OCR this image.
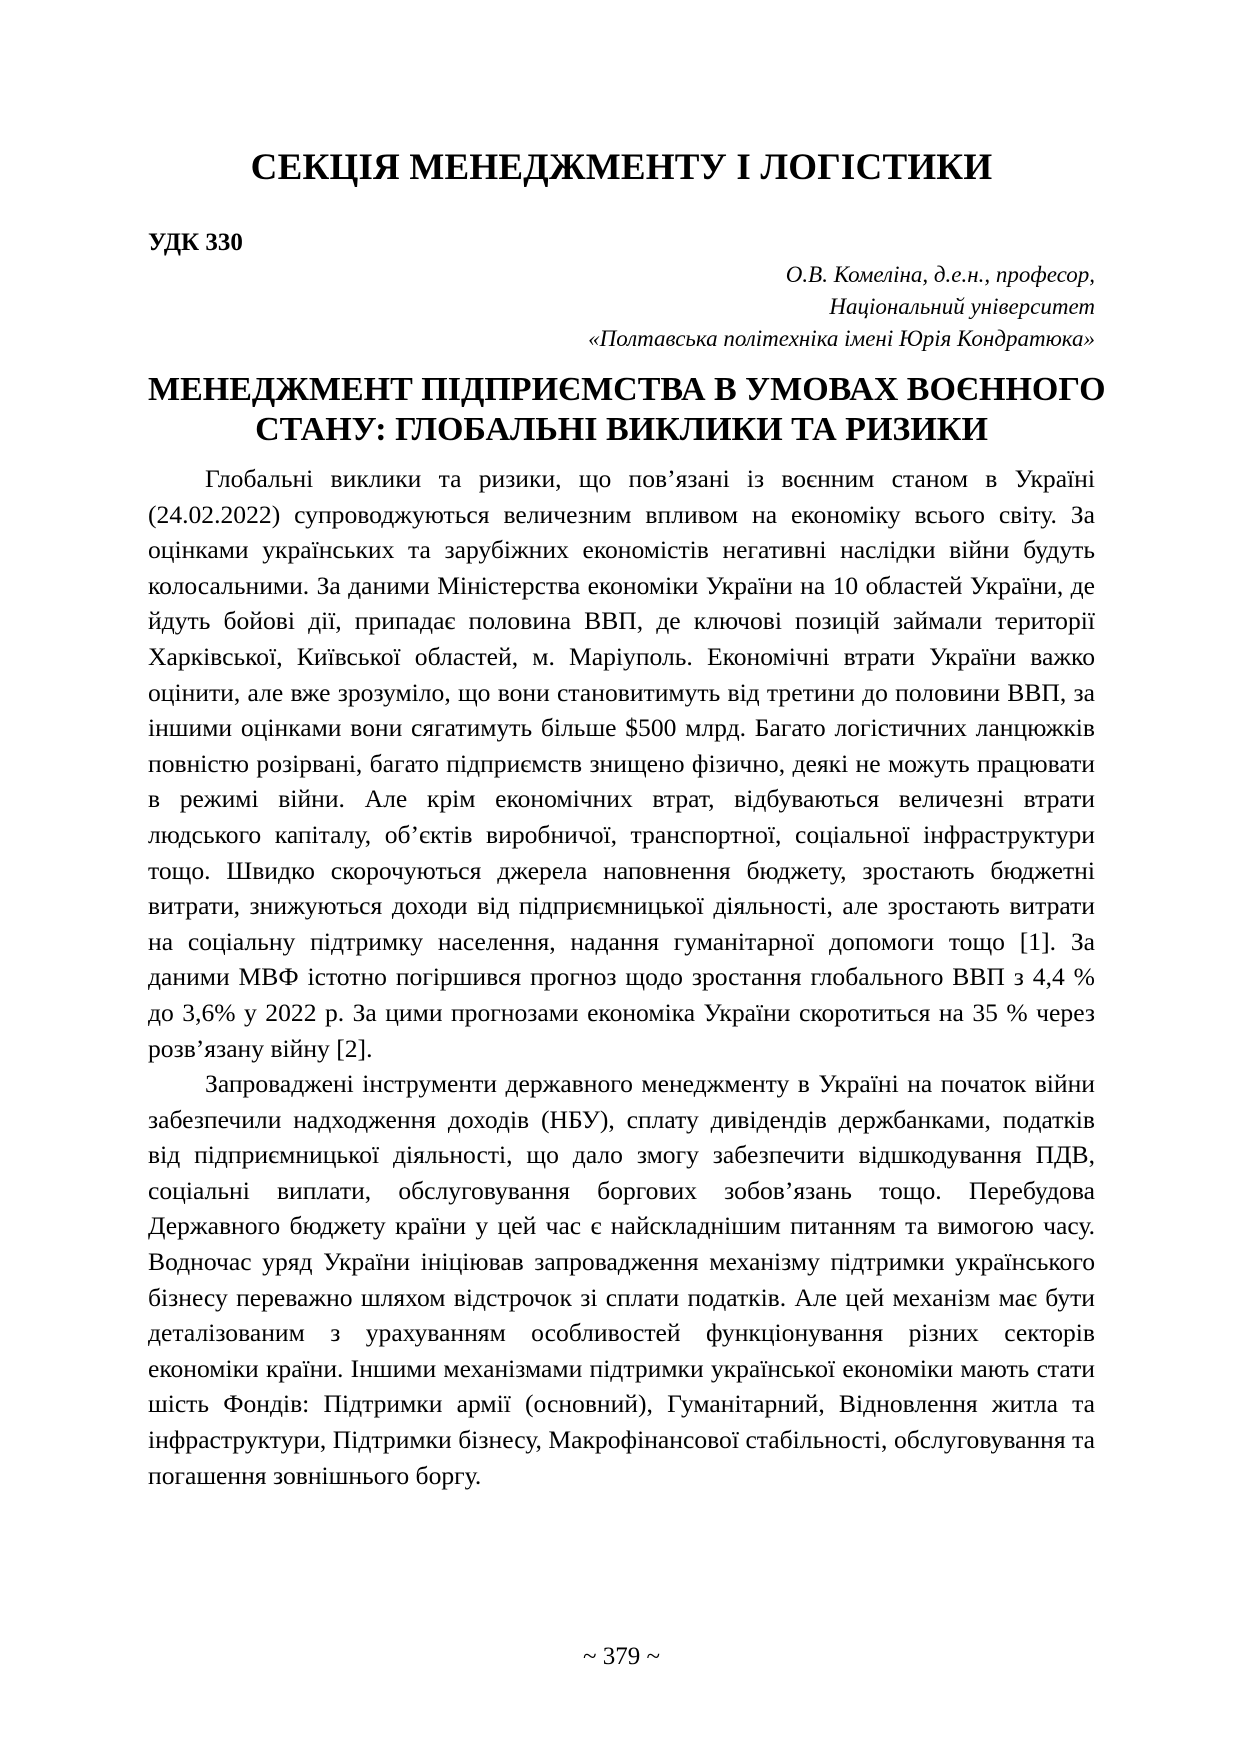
СЕКЦІЯ МЕНЕДЖМЕНТУ І ЛОГІСТИКИ
УДК 330
О.В. Комеліна, д.е.н., професор,
Національний університет
«Полтавська політехніка імені Юрія Кондратюка»
МЕНЕДЖМЕНТ ПІДПРИЄМСТВА В УМОВАХ ВОЄННОГО
СТАНУ: ГЛОБАЛЬНІ ВИКЛИКИ ТА РИЗИКИ

Глобальні виклики та ризики, що пов’язані із воєнним станом в Україні (24.02.2022) супроводжуються величезним впливом на економіку всього світу. За оцінками українських та зарубіжних економістів негативні наслідки війни будуть колосальними. За даними Міністерства економіки України на 10 областей України, де йдуть бойові дії, припадає половина ВВП, де ключові позицій займали території Харківської, Київської областей, м. Маріуполь. Економічні втрати України важко оцінити, але вже зрозуміло, що вони становитимуть від третини до половини ВВП, за іншими оцінками вони сягатимуть більше $500 млрд. Багато логістичних ланцюжків повністю розірвані, багато підприємств знищено фізично, деякі не можуть працювати в режимі війни. Але крім економічних втрат, відбуваються величезні втрати людського капіталу, об’єктів виробничої, транспортної, соціальної інфраструктури тощо. Швидко скорочуються джерела наповнення бюджету, зростають бюджетні витрати, знижуються доходи від підприємницької діяльності, але зростають витрати на соціальну підтримку населення, надання гуманітарної допомоги тощо [1]. За даними МВФ істотно погіршився прогноз щодо зростання глобального ВВП з 4,4 % до 3,6% у 2022 р. За цими прогнозами економіка України скоротиться на 35 % через розв’язану війну [2].

Запроваджені інструменти державного менеджменту в Україні на початок війни забезпечили надходження доходів (НБУ), сплату дивідендів держбанками, податків від підприємницької діяльності, що дало змогу забезпечити відшкодування ПДВ, соціальні виплати, обслуговування боргових зобов’язань тощо. Перебудова Державного бюджету країни у цей час є найскладнішим питанням та вимогою часу. Водночас уряд України ініціював запровадження механізму підтримки українського бізнесу переважно шляхом відстрочок зі сплати податків. Але цей механізм має бути деталізованим з урахуванням особливостей функціонування різних секторів економіки країни. Іншими механізмами підтримки української економіки мають стати шість Фондів: Підтримки армії (основний), Гуманітарний, Відновлення житла та інфраструктури, Підтримки бізнесу, Макрофінансової стабільності, обслуговування та погашення зовнішнього боргу.

~ 379 ~
